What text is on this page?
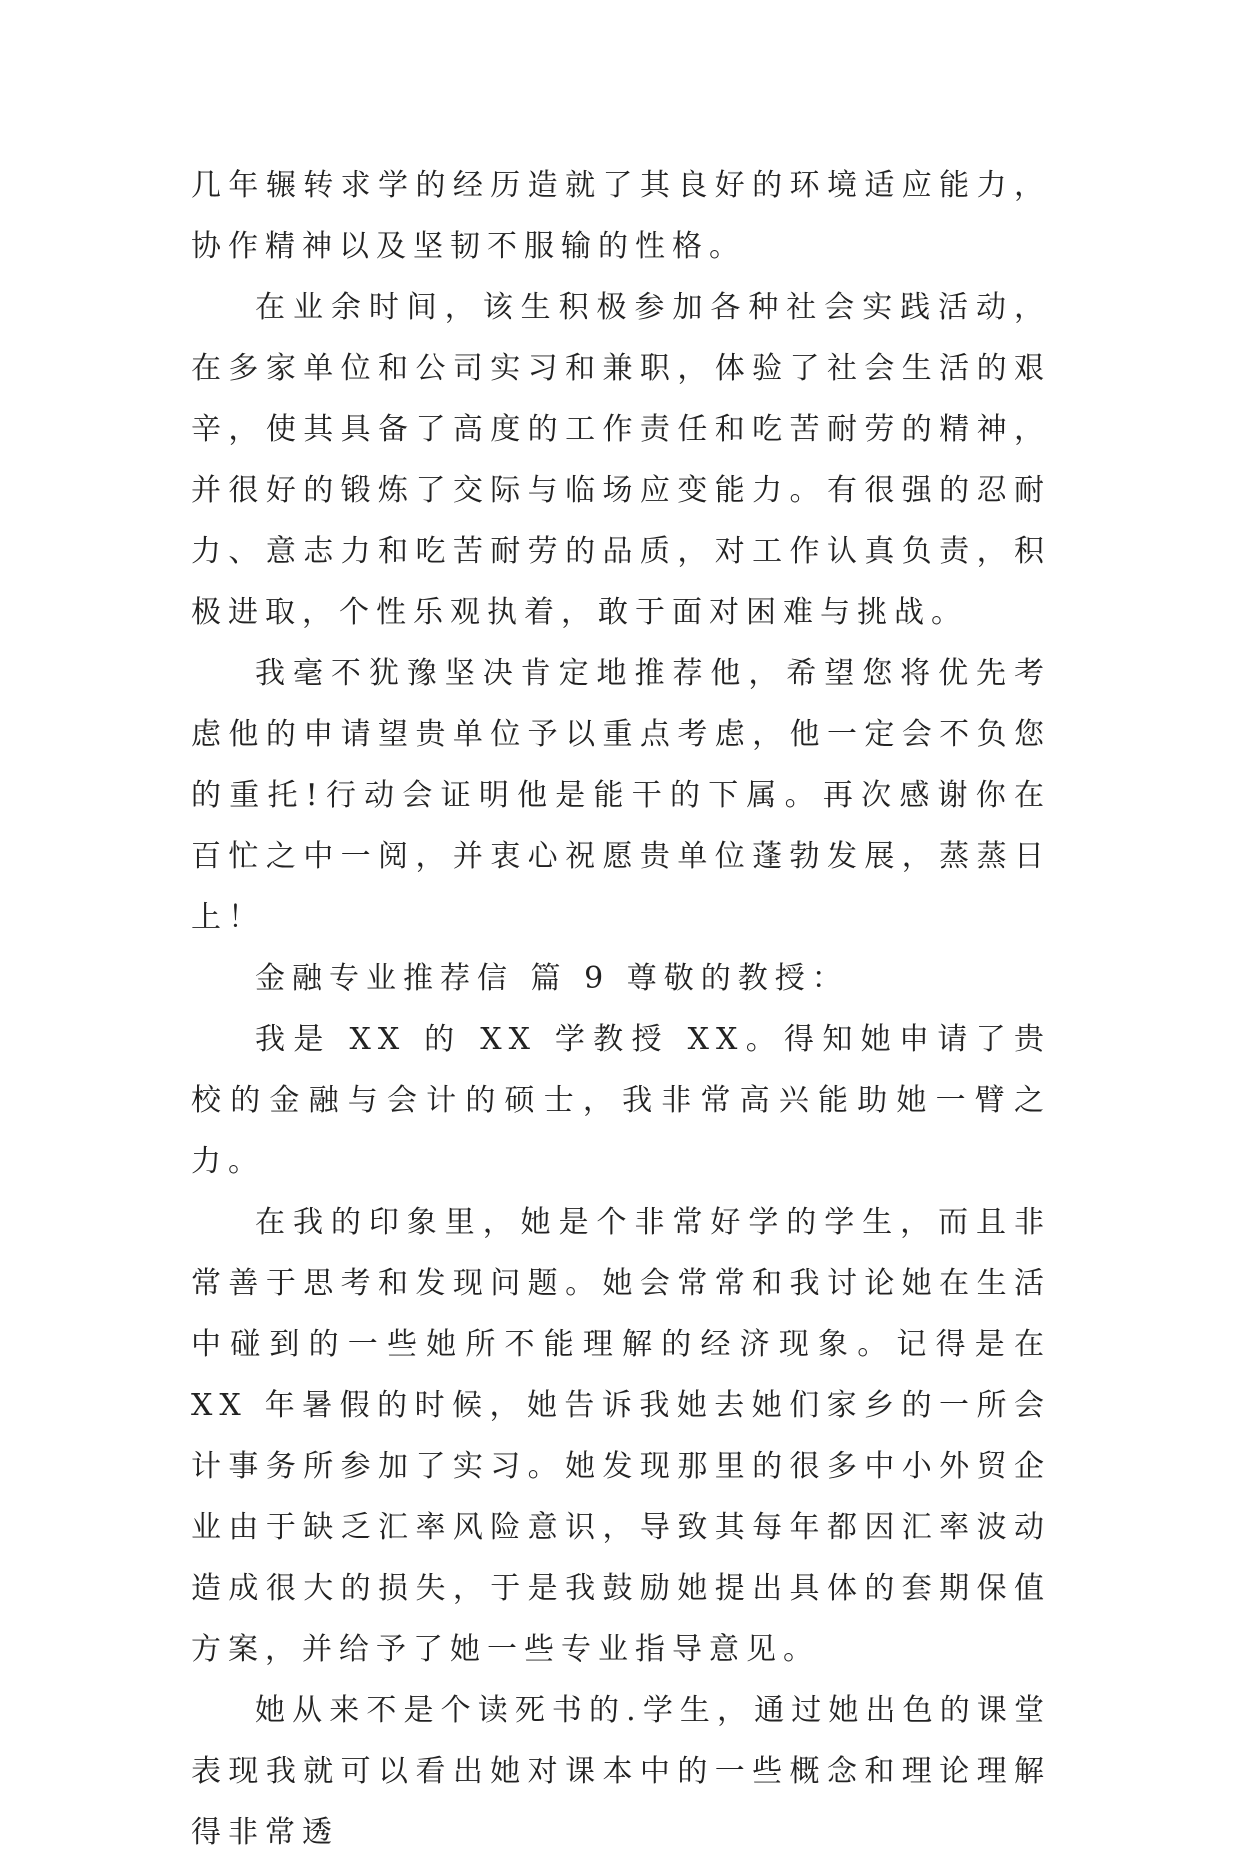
几年辗转求学的经历造就了其良好的环境适应能力，协作精神以及坚韧不服输的性格。

在业余时间，该生积极参加各种社会实践活动，在多家单位和公司实习和兼职，体验了社会生活的艰辛，使其具备了高度的工作责任和吃苦耐劳的精神，并很好的锻炼了交际与临场应变能力。有很强的忍耐力、意志力和吃苦耐劳的品质，对工作认真负责，积极进取，个性乐观执着，敢于面对困难与挑战。

我毫不犹豫坚决肯定地推荐他，希望您将优先考虑他的申请望贵单位予以重点考虑，他一定会不负您的重托!行动会证明他是能干的下属。再次感谢你在百忙之中一阅，并衷心祝愿贵单位蓬勃发展，蒸蒸日上！

金融专业推荐信 篇 9 尊敬的教授：

我是 XX 的 XX 学教授 XX。得知她申请了贵校的金融与会计的硕士，我非常高兴能助她一臂之力。

在我的印象里，她是个非常好学的学生，而且非常善于思考和发现问题。她会常常和我讨论她在生活中碰到的一些她所不能理解的经济现象。记得是在 XX 年暑假的时候，她告诉我她去她们家乡的一所会计事务所参加了实习。她发现那里的很多中小外贸企业由于缺乏汇率风险意识，导致其每年都因汇率波动造成很大的损失，于是我鼓励她提出具体的套期保值方案，并给予了她一些专业指导意见。

她从来不是个读死书的.学生，通过她出色的课堂表现我就可以看出她对课本中的一些概念和理论理解得非常透
